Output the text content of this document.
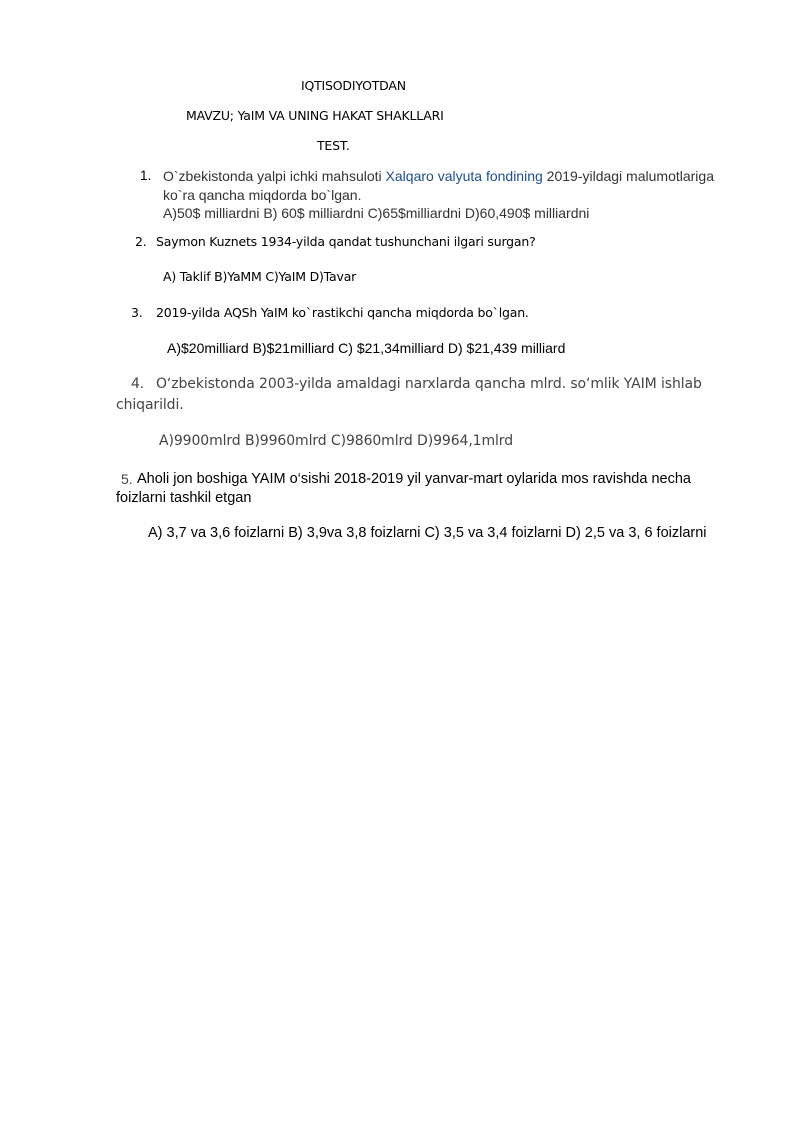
IQTISODIYOTDAN
MAVZU; YaIM VA UNING HAKAT SHAKLLARI
TEST.
1. O`zbekistonda yalpi ichki mahsuloti Xalqaro valyuta fondining 2019-yildagi malumotlariga
ko`ra qancha miqdorda bo`lgan.
A)50$ milliardni B) 60$ milliardni C)65$milliardni D)60,490$ milliardni
2. Saymon Kuznets 1934-yilda qandat tushunchani ilgari surgan?
A) Taklif B)YaMM C)YaIM D)Tavar
3. 2019-yilda AQSh YaIM ko`rastikchi qancha miqdorda bo`lgan.
A)$20milliard B)$21milliard C) $21,34milliard D) $21,439 milliard
4. O‘zbekistonda 2003-yilda amaldagi narxlarda qancha mlrd. so‘mlik YAIM ishlab
chiqarildi.
A)9900mlrd B)9960mlrd C)9860mlrd D)9964,1mlrd
5. Aholi jon boshiga YAIM o‘sishi 2018-2019 yil yanvar-mart oylarida mos ravishda necha
foizlarni tashkil etgan
A) 3,7 va 3,6 foizlarni B) 3,9va 3,8 foizlarni C) 3,5 va 3,4 foizlarni D) 2,5 va 3, 6 foizlarni
